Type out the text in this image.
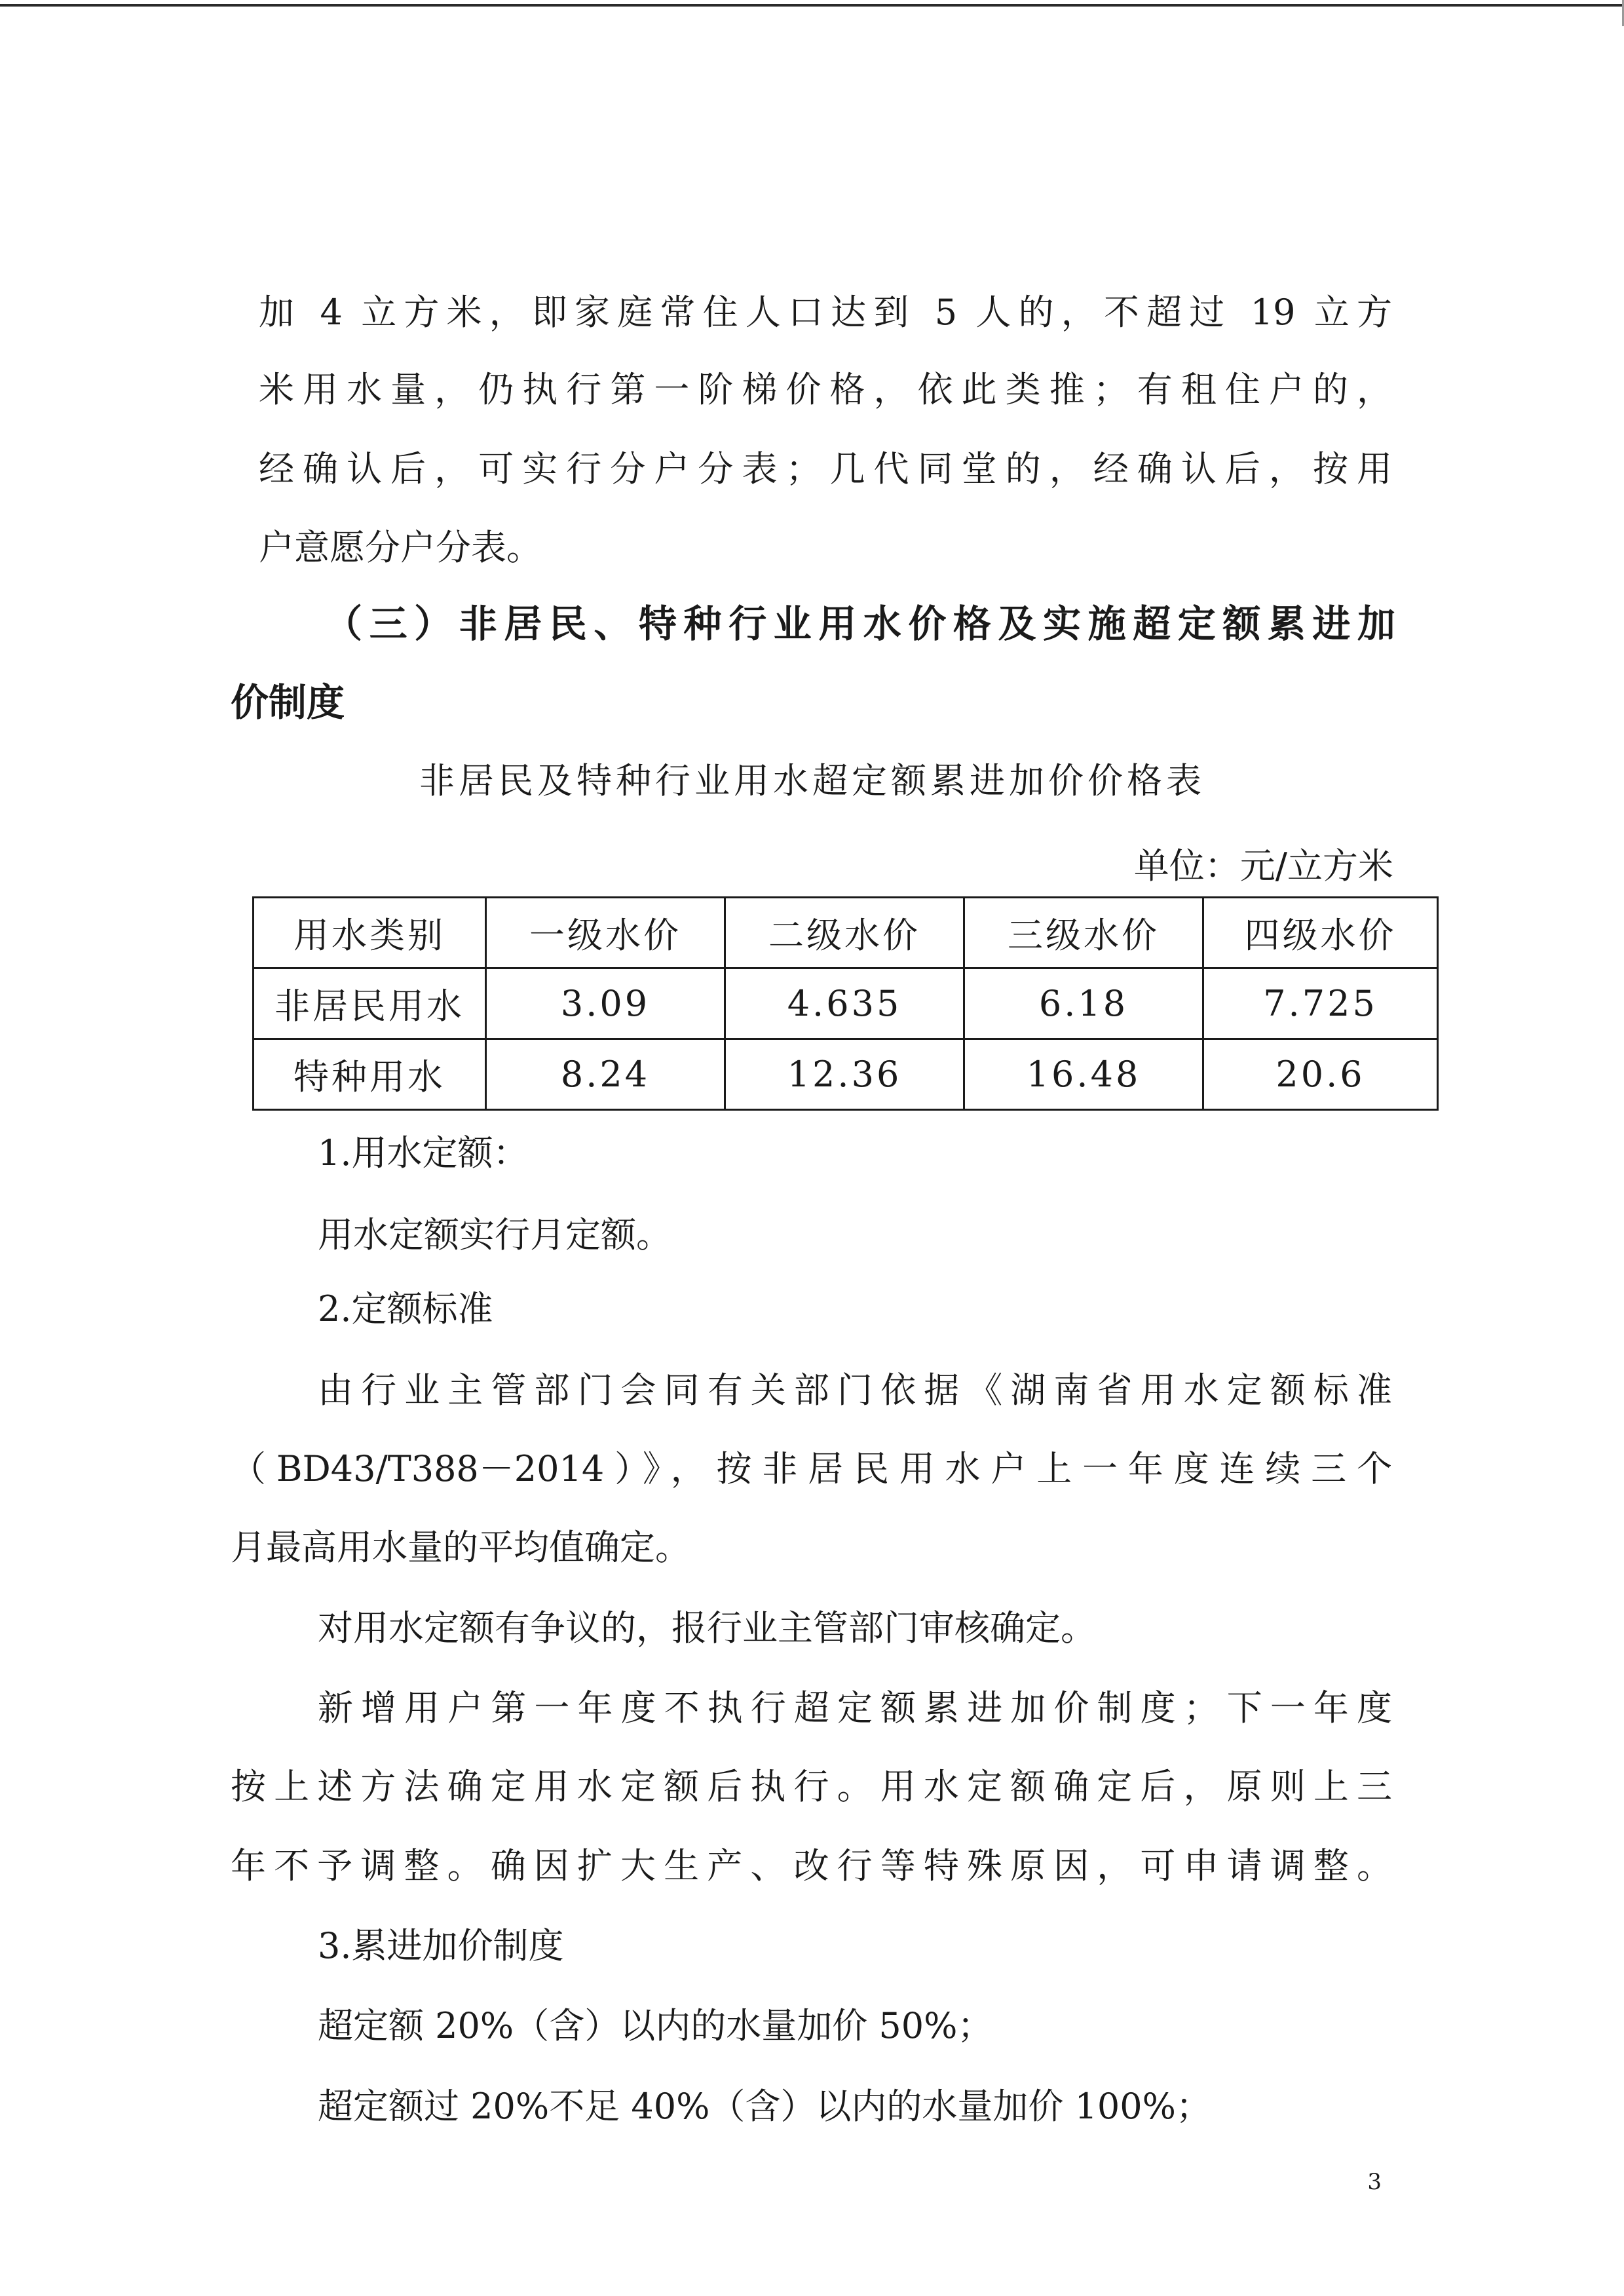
加 4 立方米，即家庭常住人口达到 5 人的，不超过 19 立方

米用水量，仍执行第一阶梯价格，依此类推；有租住户的，

经确认后，可实行分户分表；几代同堂的，经确认后，按用

户意愿分户分表。

（三）非居民、特种行业用水价格及实施超定额累进加

价制度

非居民及特种行业用水超定额累进加价价格表
单位：元/立方米
用水类别	一级水价	二级水价	三级水价	四级水价
非居民用水	3.09	4.635	6.18	7.725
特种用水	8.24	12.36	16.48	20.6

1.用水定额：

用水定额实行月定额。

2.定额标准

由行业主管部门会同有关部门依据《湖南省用水定额标准

（BD43/T388－2014）》，按非居民用水户上一年度连续三个

月最高用水量的平均值确定。

对用水定额有争议的，报行业主管部门审核确定。

新增用户第一年度不执行超定额累进加价制度；下一年度

按上述方法确定用水定额后执行。用水定额确定后，原则上三

年不予调整。确因扩大生产、改行等特殊原因，可申请调整。

3.累进加价制度

超定额 20%（含）以内的水量加价 50%；

超定额过 20%不足 40%（含）以内的水量加价 100%；

3
